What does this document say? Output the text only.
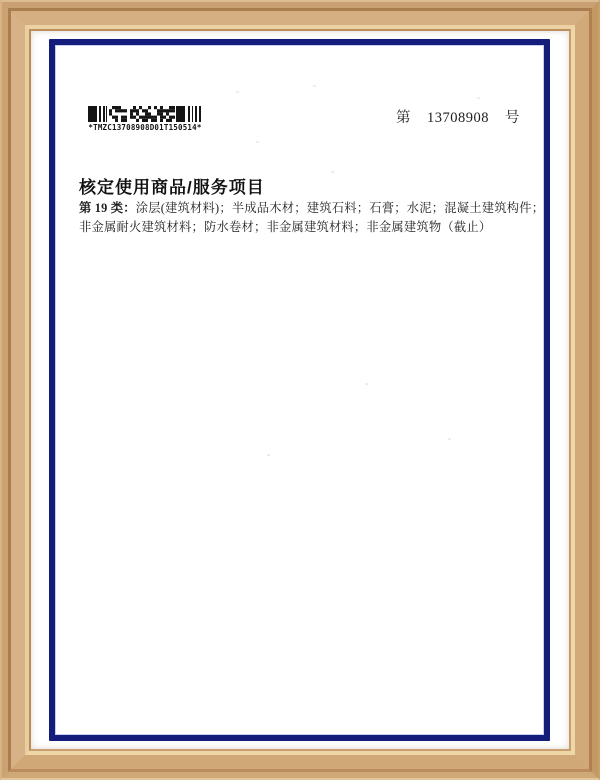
*TMZC13708908D01T150514*
第 13708908 号
核定使用商品/服务项目

第 19 类：涂层(建筑材料)；半成品木材；建筑石料；石膏；水泥；混凝土建筑构件；
非金属耐火建筑材料；防水卷材；非金属建筑材料；非金属建筑物（截止）
